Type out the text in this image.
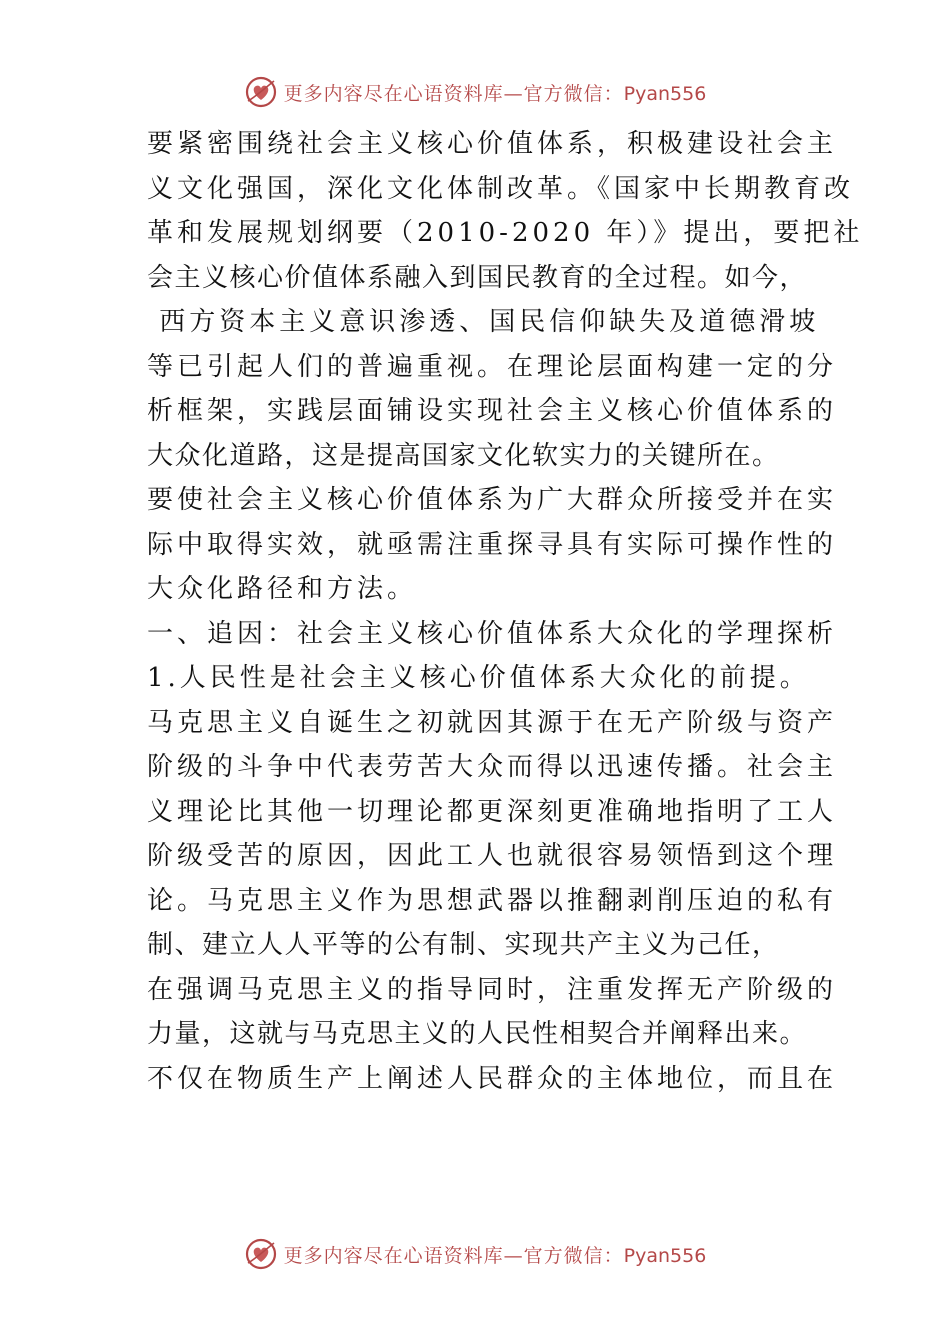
更多内容尽在心语资料库—官方微信：Pyan556
要紧密围绕社会主义核心价值体系，积极建设社会主
义文化强国，深化文化体制改革。《国家中长期教育改
革和发展规划纲要（2010-2020 年）》提出，要把社
会主义核心价值体系融入到国民教育的全过程。如今，
西方资本主义意识渗透、国民信仰缺失及道德滑坡
等已引起人们的普遍重视。在理论层面构建一定的分
析框架，实践层面铺设实现社会主义核心价值体系的
大众化道路，这是提高国家文化软实力的关键所在。
要使社会主义核心价值体系为广大群众所接受并在实
际中取得实效，就亟需注重探寻具有实际可操作性的
大众化路径和方法。
一、追因：社会主义核心价值体系大众化的学理探析
1.人民性是社会主义核心价值体系大众化的前提。
马克思主义自诞生之初就因其源于在无产阶级与资产
阶级的斗争中代表劳苦大众而得以迅速传播。社会主
义理论比其他一切理论都更深刻更准确地指明了工人
阶级受苦的原因，因此工人也就很容易领悟到这个理
论。马克思主义作为思想武器以推翻剥削压迫的私有
制、建立人人平等的公有制、实现共产主义为己任，
在强调马克思主义的指导同时，注重发挥无产阶级的
力量，这就与马克思主义的人民性相契合并阐释出来。
不仅在物质生产上阐述人民群众的主体地位，而且在
更多内容尽在心语资料库—官方微信：Pyan556
